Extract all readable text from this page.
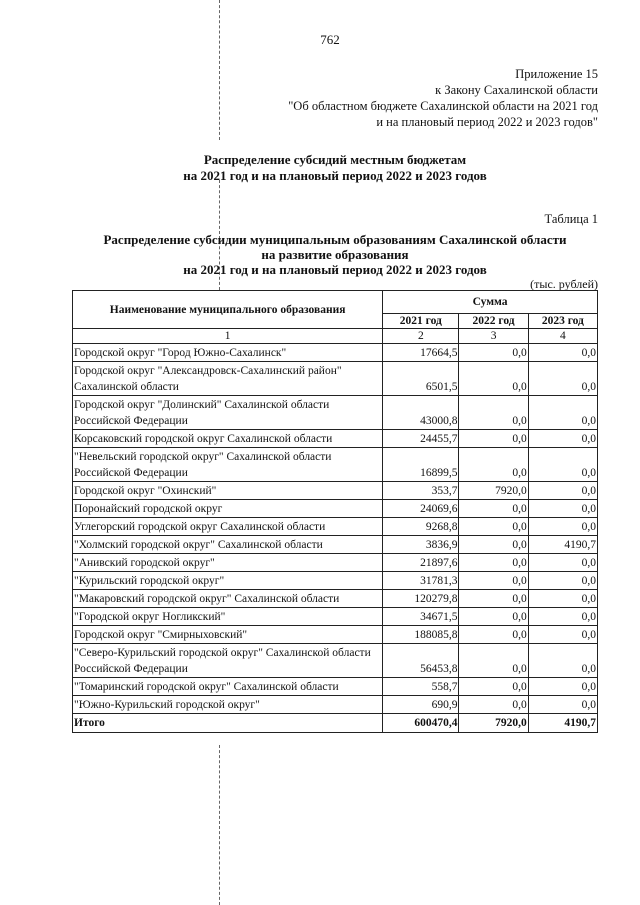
762
Приложение 15
к Закону Сахалинской области
"Об областном бюджете Сахалинской области на 2021 год
и на плановый период 2022 и 2023 годов"
Распределение субсидий местным бюджетам
на 2021 год и на плановый период 2022 и 2023 годов
Таблица 1
Распределение субсидии муниципальным образованиям Сахалинской области
на развитие образования
на 2021 год и на плановый период 2022 и 2023 годов
(тыс. рублей)
Наименование муниципального образования	Сумма		
	2021 год	2022 год	2023 год
1	2	3	4
Городской округ "Город Южно-Сахалинск"	17664,5	0,0	0,0
Городской округ "Александровск-Сахалинский район" Сахалинской области	6501,5	0,0	0,0
Городской округ "Долинский" Сахалинской области Российской Федерации	43000,8	0,0	0,0
Корсаковский городской округ Сахалинской области	24455,7	0,0	0,0
"Невельский городской округ" Сахалинской области Российской Федерации	16899,5	0,0	0,0
Городской округ "Охинский"	353,7	7920,0	0,0
Поронайский городской округ	24069,6	0,0	0,0
Углегорский городской округ Сахалинской области	9268,8	0,0	0,0
"Холмский городской округ" Сахалинской области	3836,9	0,0	4190,7
"Анивский городской округ"	21897,6	0,0	0,0
"Курильский городской округ"	31781,3	0,0	0,0
"Макаровский городской округ" Сахалинской области	120279,8	0,0	0,0
"Городской округ Ногликский"	34671,5	0,0	0,0
Городской округ "Смирныховский"	188085,8	0,0	0,0
"Северо-Курильский городской округ" Сахалинской области Российской Федерации	56453,8	0,0	0,0
"Томаринский городской округ" Сахалинской области	558,7	0,0	0,0
"Южно-Курильский городской округ"	690,9	0,0	0,0
Итого	600470,4	7920,0	4190,7
